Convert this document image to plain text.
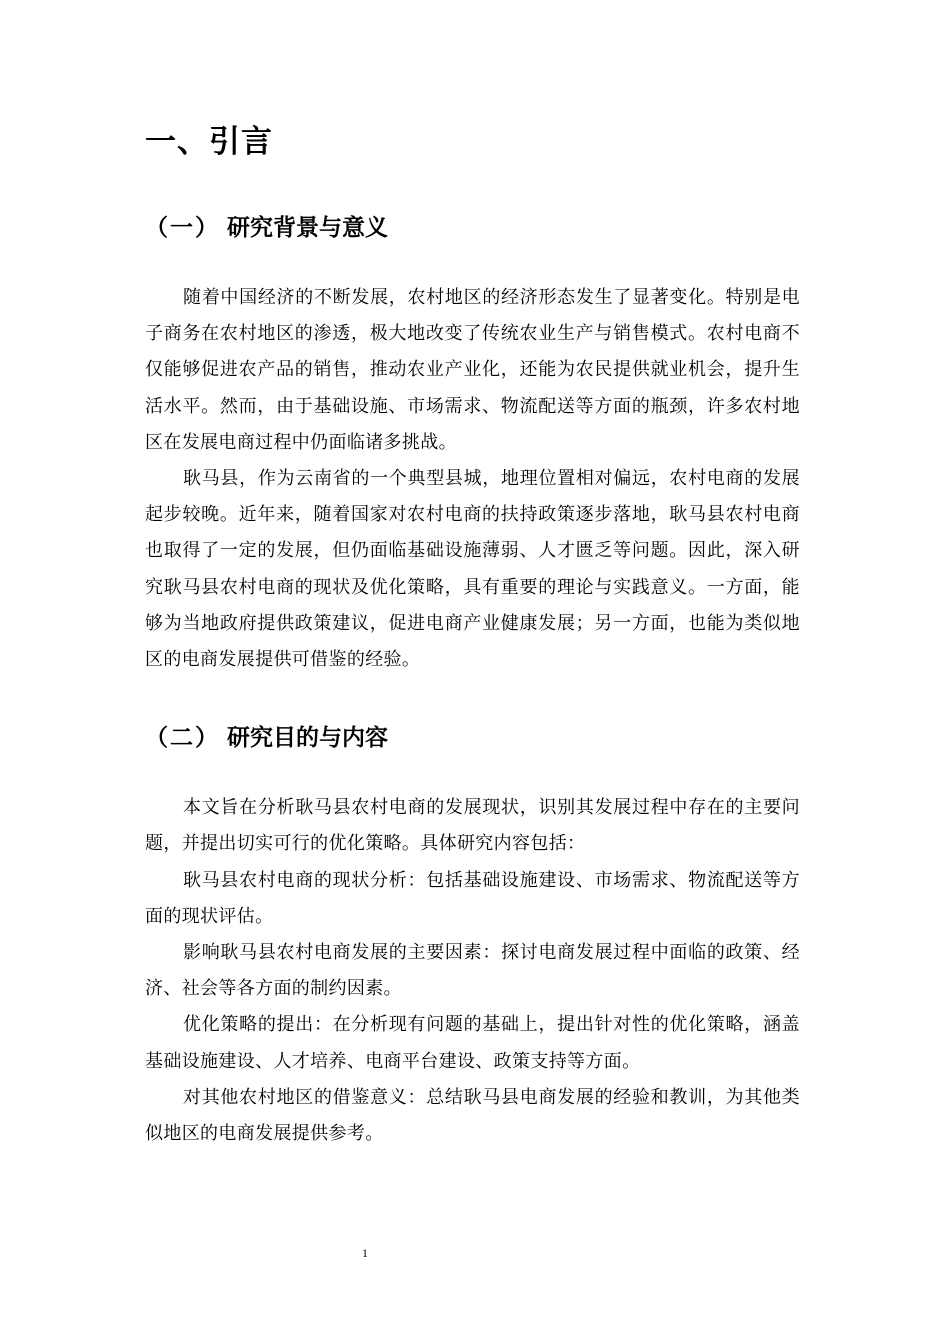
一、引言
（一） 研究背景与意义

随着中国经济的不断发展，农村地区的经济形态发生了显著变化。特别是电子商务在农村地区的渗透，极大地改变了传统农业生产与销售模式。农村电商不仅能够促进农产品的销售，推动农业产业化，还能为农民提供就业机会，提升生活水平。然而，由于基础设施、市场需求、物流配送等方面的瓶颈，许多农村地区在发展电商过程中仍面临诸多挑战。

耿马县，作为云南省的一个典型县城，地理位置相对偏远，农村电商的发展起步较晚。近年来，随着国家对农村电商的扶持政策逐步落地，耿马县农村电商也取得了一定的发展，但仍面临基础设施薄弱、人才匮乏等问题。因此，深入研究耿马县农村电商的现状及优化策略，具有重要的理论与实践意义。一方面，能够为当地政府提供政策建议，促进电商产业健康发展；另一方面，也能为类似地区的电商发展提供可借鉴的经验。

（二） 研究目的与内容

本文旨在分析耿马县农村电商的发展现状，识别其发展过程中存在的主要问题，并提出切实可行的优化策略。具体研究内容包括：

耿马县农村电商的现状分析：包括基础设施建设、市场需求、物流配送等方面的现状评估。

影响耿马县农村电商发展的主要因素：探讨电商发展过程中面临的政策、经济、社会等各方面的制约因素。

优化策略的提出：在分析现有问题的基础上，提出针对性的优化策略，涵盖基础设施建设、人才培养、电商平台建设、政策支持等方面。

对其他农村地区的借鉴意义：总结耿马县电商发展的经验和教训，为其他类似地区的电商发展提供参考。

1
